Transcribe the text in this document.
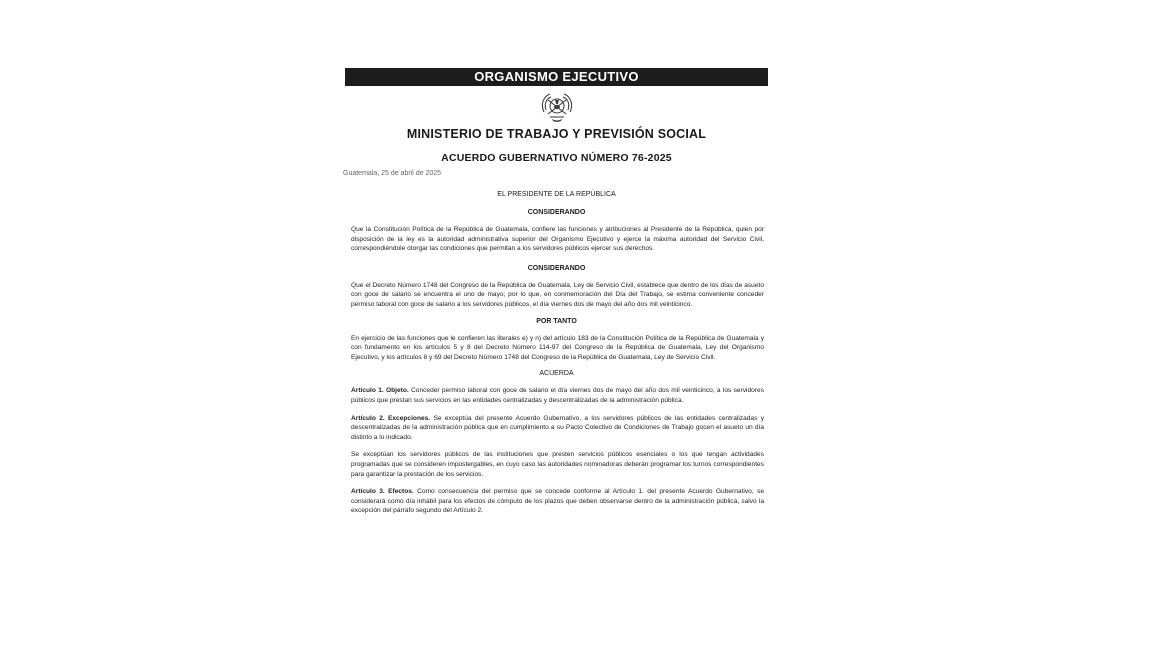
ORGANISMO EJECUTIVO
MINISTERIO DE TRABAJO Y PREVISIÓN SOCIAL
ACUERDO GUBERNATIVO NÚMERO 76-2025
Guatemala, 25 de abril de 2025
EL PRESIDENTE DE LA REPÚBLICA
CONSIDERANDO
Que la Constitución Política de la República de Guatemala, confiere las funciones y atribuciones al Presidente de la República, quien por disposición de la ley es la autoridad administrativa superior del Organismo Ejecutivo y ejerce la máxima autoridad del Servicio Civil, correspondiéndole otorgar las condiciones que permitan a los servidores públicos ejercer sus derechos.
CONSIDERANDO
Que el Decreto Número 1748 del Congreso de la República de Guatemala, Ley de Servicio Civil, establece que dentro de los días de asueto con goce de salario se encuentra el uno de mayo; por lo que, en conmemoración del Día del Trabajo, se estima conveniente conceder permiso laboral con goce de salario a los servidores públicos, el día viernes dos de mayo del año dos mil veinticinco.
POR TANTO
En ejercicio de las funciones que le confieren las literales e) y n) del artículo 183 de la Constitución Política de la República de Guatemala y con fundamento en los artículos 5 y 8 del Decreto Número 114-97 del Congreso de la República de Guatemala, Ley del Organismo Ejecutivo, y los artículos 8 y 69 del Decreto Número 1748 del Congreso de la República de Guatemala, Ley de Servicio Civil.
ACUERDA
Artículo 1. Objeto. Conceder permiso laboral con goce de salario el día viernes dos de mayo del año dos mil veinticinco, a los servidores públicos que prestan sus servicios en las entidades centralizadas y descentralizadas de la administración pública.
Artículo 2. Excepciones. Se exceptúa del presente Acuerdo Gubernativo, a los servidores públicos de las entidades centralizadas y descentralizadas de la administración pública que en cumplimiento a su Pacto Colectivo de Condiciones de Trabajo gocen el asueto un día distinto a lo indicado.
Se exceptúan los servidores públicos de las instituciones que presten servicios públicos esenciales o los que tengan actividades programadas que se consideren impostergables, en cuyo caso las autoridades nominadoras deberán programar los turnos correspondientes para garantizar la prestación de los servicios.
Artículo 3. Efectos. Como consecuencia del permiso que se concede conforme al Artículo 1. del presente Acuerdo Gubernativo, se considerará como día inhábil para los efectos de cómputo de los plazos que deben observarse dentro de la administración pública, salvo la excepción del párrafo segundo del Artículo 2.
